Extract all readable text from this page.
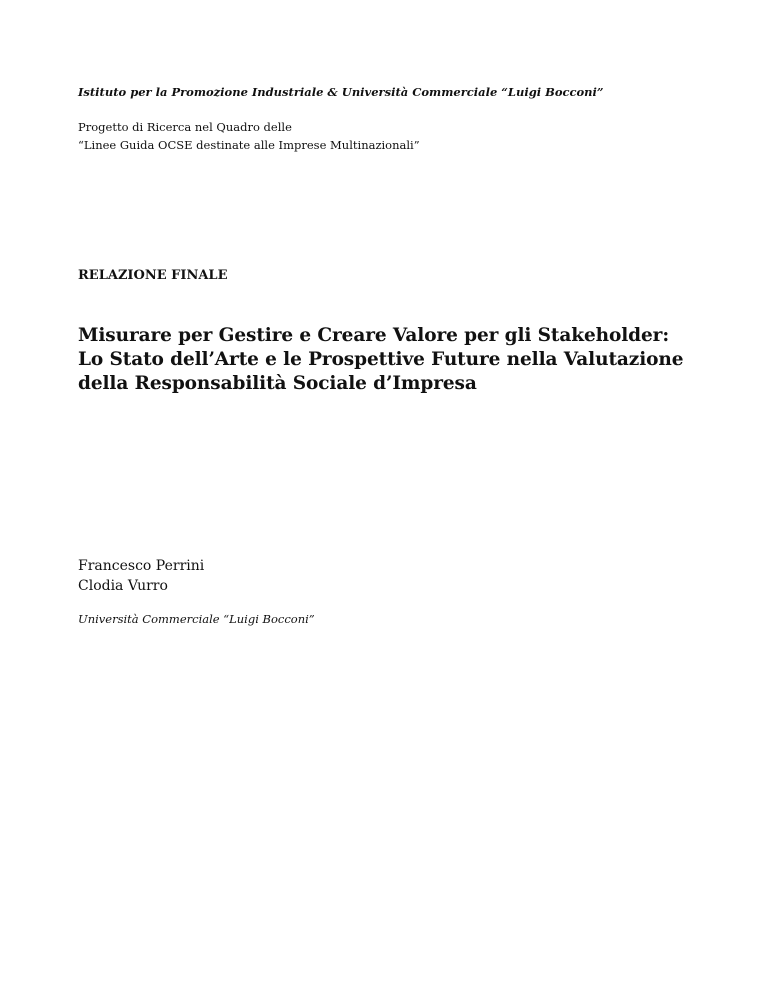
Istituto per la Promozione Industriale & Università Commerciale “Luigi Bocconi”

Progetto di Ricerca nel Quadro delle

“Linee Guida OCSE destinate alle Imprese Multinazionali”

RELAZIONE FINALE

Misurare per Gestire e Creare Valore per gli Stakeholder:
Lo Stato dell’Arte e le Prospettive Future nella Valutazione
della Responsabilità Sociale d’Impresa

Francesco Perrini

Clodia Vurro

Università Commerciale “Luigi Bocconi”
